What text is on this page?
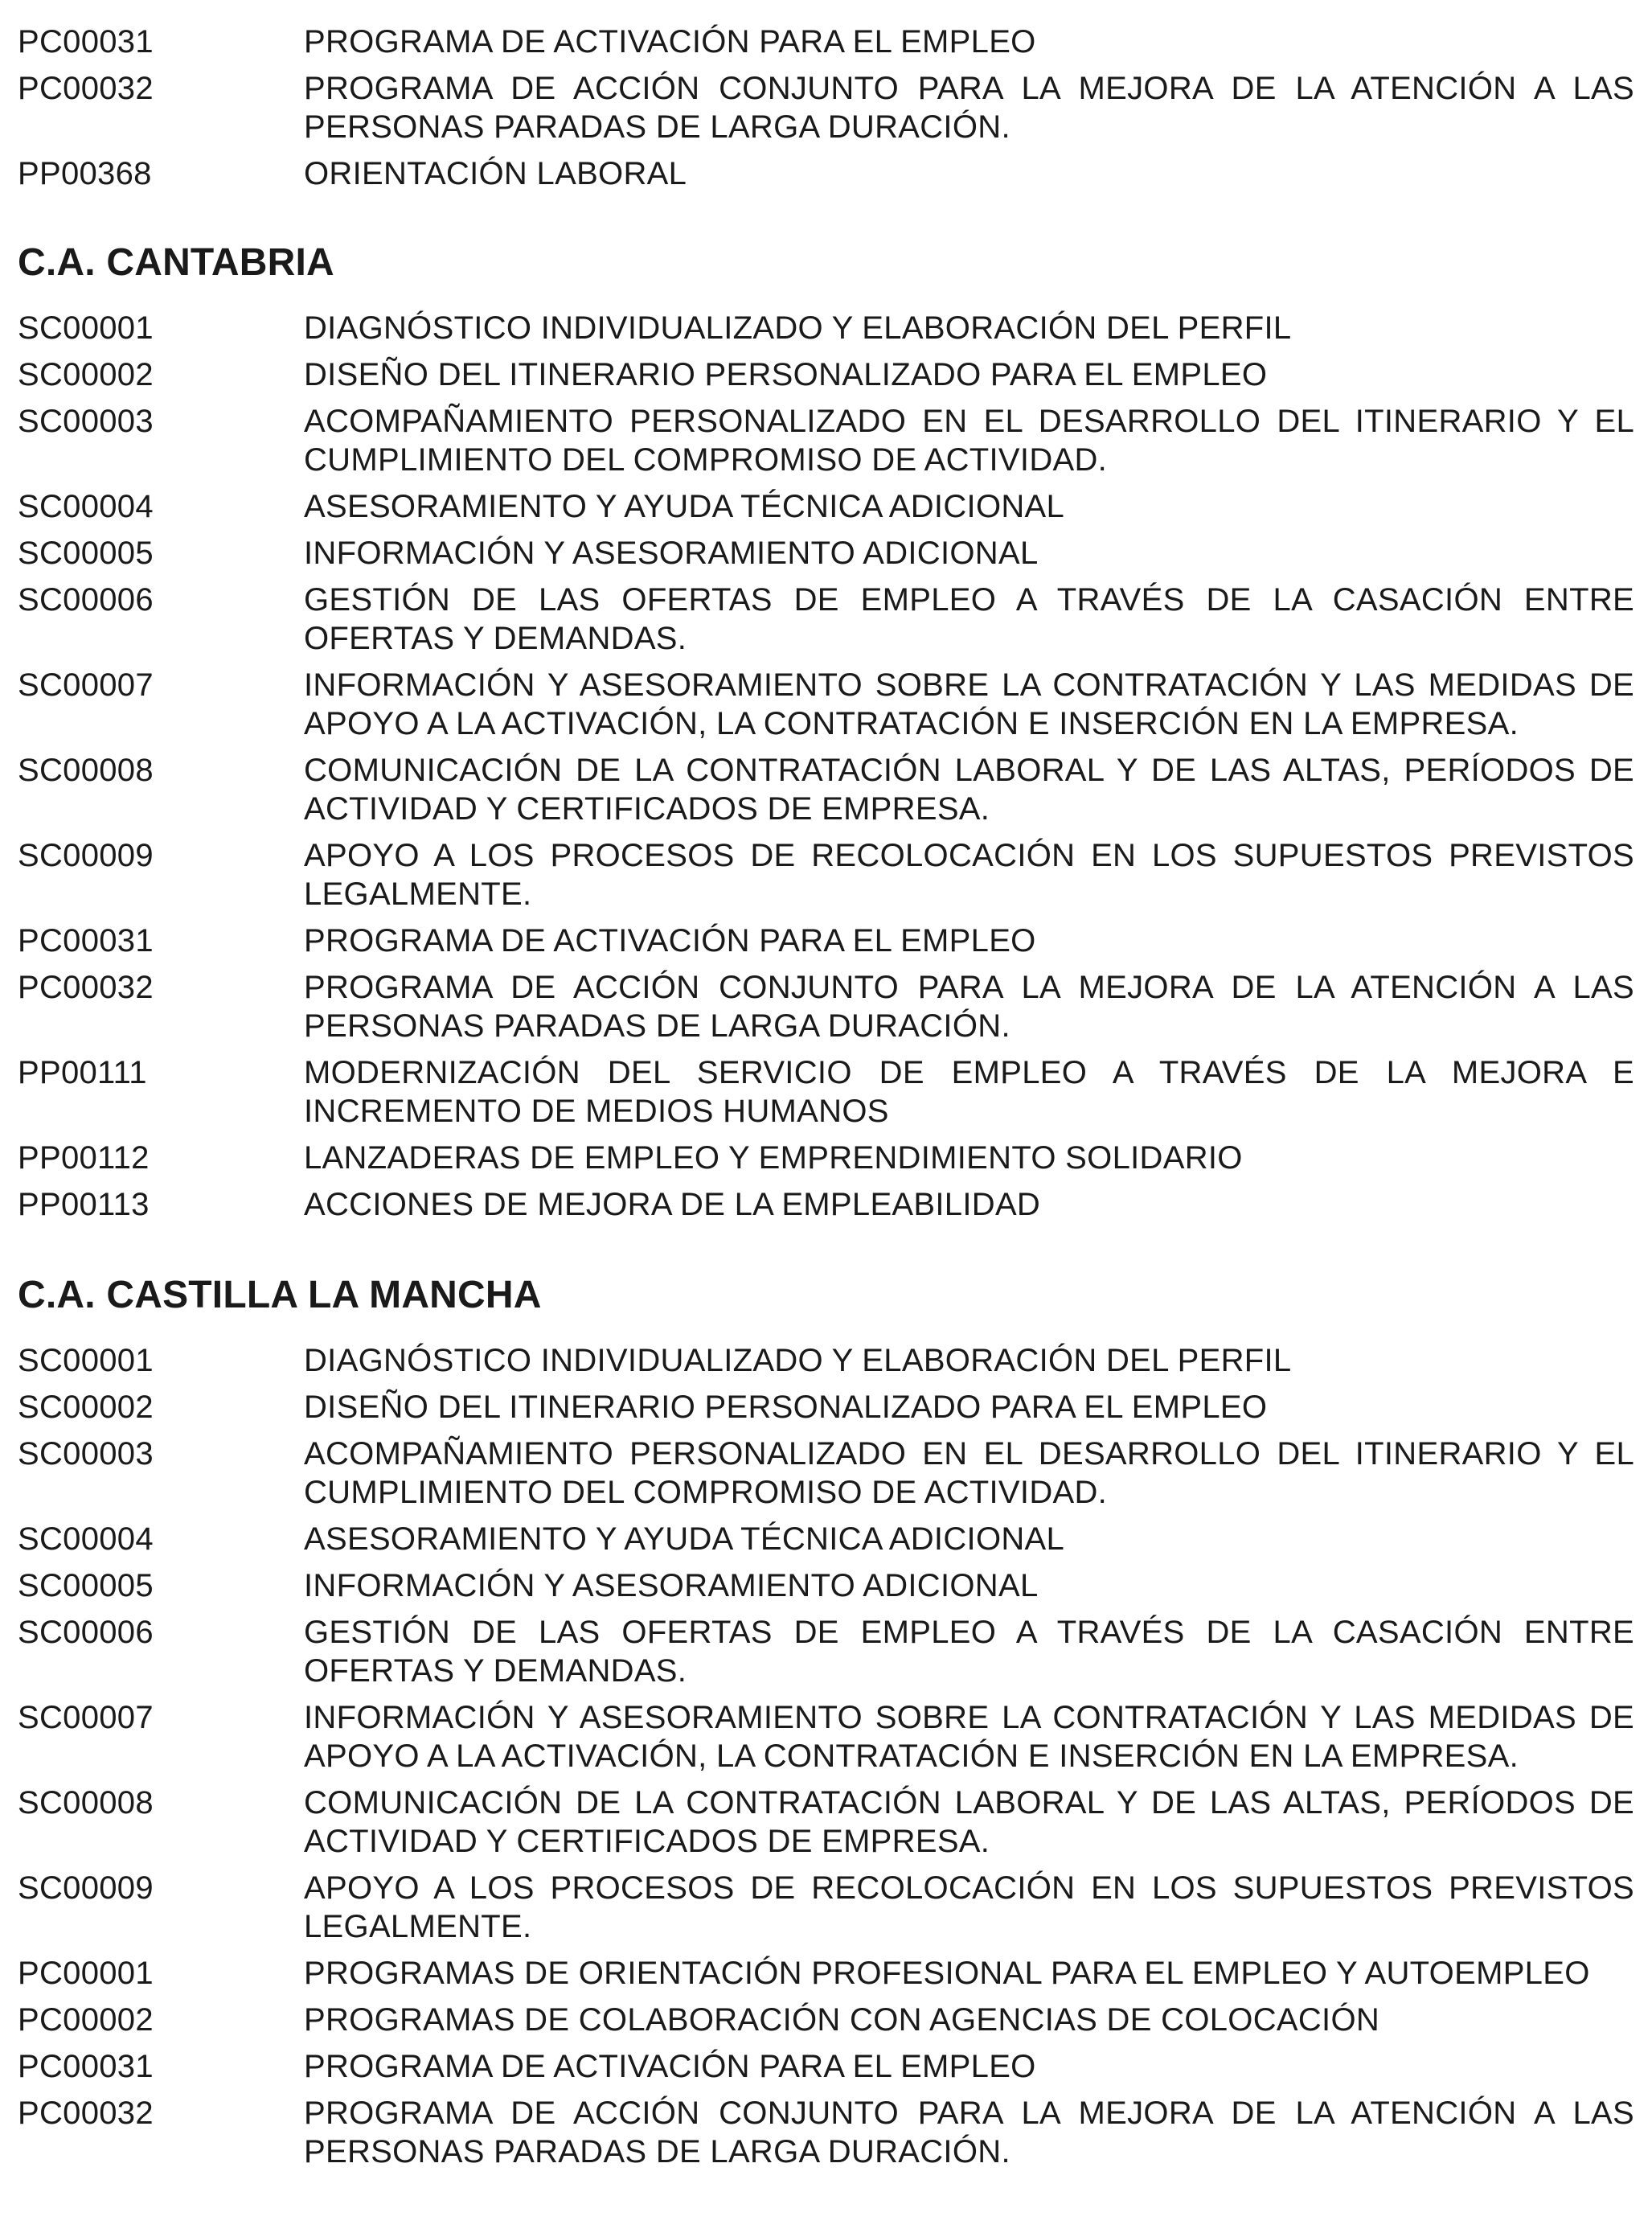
PC00031	PROGRAMA DE ACTIVACIÓN PARA EL EMPLEO
PC00032	PROGRAMA DE ACCIÓN CONJUNTO PARA LA MEJORA DE LA ATENCIÓN A LAS PERSONAS PARADAS DE LARGA DURACIÓN.
PP00368	ORIENTACIÓN LABORAL
C.A. CANTABRIA
SC00001	DIAGNÓSTICO INDIVIDUALIZADO Y ELABORACIÓN DEL PERFIL
SC00002	DISEÑO DEL ITINERARIO PERSONALIZADO PARA EL EMPLEO
SC00003	ACOMPAÑAMIENTO PERSONALIZADO EN EL DESARROLLO DEL ITINERARIO Y EL CUMPLIMIENTO DEL COMPROMISO DE ACTIVIDAD.
SC00004	ASESORAMIENTO Y AYUDA TÉCNICA ADICIONAL
SC00005	INFORMACIÓN Y ASESORAMIENTO ADICIONAL
SC00006	GESTIÓN DE LAS OFERTAS DE EMPLEO A TRAVÉS DE LA CASACIÓN ENTRE OFERTAS Y DEMANDAS.
SC00007	INFORMACIÓN Y ASESORAMIENTO SOBRE LA CONTRATACIÓN Y LAS MEDIDAS DE APOYO A LA ACTIVACIÓN, LA CONTRATACIÓN E INSERCIÓN EN LA EMPRESA.
SC00008	COMUNICACIÓN DE LA CONTRATACIÓN LABORAL Y DE LAS ALTAS, PERÍODOS DE ACTIVIDAD Y CERTIFICADOS DE EMPRESA.
SC00009	APOYO A LOS PROCESOS DE RECOLOCACIÓN EN LOS SUPUESTOS PREVISTOS LEGALMENTE.
PC00031	PROGRAMA DE ACTIVACIÓN PARA EL EMPLEO
PC00032	PROGRAMA DE ACCIÓN CONJUNTO PARA LA MEJORA DE LA ATENCIÓN A LAS PERSONAS PARADAS DE LARGA DURACIÓN.
PP00111	MODERNIZACIÓN DEL SERVICIO DE EMPLEO A TRAVÉS DE LA MEJORA E INCREMENTO DE MEDIOS HUMANOS
PP00112	LANZADERAS DE EMPLEO Y EMPRENDIMIENTO SOLIDARIO
PP00113	ACCIONES DE MEJORA DE LA EMPLEABILIDAD
C.A. CASTILLA LA MANCHA
SC00001	DIAGNÓSTICO INDIVIDUALIZADO Y ELABORACIÓN DEL PERFIL
SC00002	DISEÑO DEL ITINERARIO PERSONALIZADO PARA EL EMPLEO
SC00003	ACOMPAÑAMIENTO PERSONALIZADO EN EL DESARROLLO DEL ITINERARIO Y EL CUMPLIMIENTO DEL COMPROMISO DE ACTIVIDAD.
SC00004	ASESORAMIENTO Y AYUDA TÉCNICA ADICIONAL
SC00005	INFORMACIÓN Y ASESORAMIENTO ADICIONAL
SC00006	GESTIÓN DE LAS OFERTAS DE EMPLEO A TRAVÉS DE LA CASACIÓN ENTRE OFERTAS Y DEMANDAS.
SC00007	INFORMACIÓN Y ASESORAMIENTO SOBRE LA CONTRATACIÓN Y LAS MEDIDAS DE APOYO A LA ACTIVACIÓN, LA CONTRATACIÓN E INSERCIÓN EN LA EMPRESA.
SC00008	COMUNICACIÓN DE LA CONTRATACIÓN LABORAL Y DE LAS ALTAS, PERÍODOS DE ACTIVIDAD Y CERTIFICADOS DE EMPRESA.
SC00009	APOYO A LOS PROCESOS DE RECOLOCACIÓN EN LOS SUPUESTOS PREVISTOS LEGALMENTE.
PC00001	PROGRAMAS DE ORIENTACIÓN PROFESIONAL PARA EL EMPLEO Y AUTOEMPLEO
PC00002	PROGRAMAS DE COLABORACIÓN CON AGENCIAS DE COLOCACIÓN
PC00031	PROGRAMA DE ACTIVACIÓN PARA EL EMPLEO
PC00032	PROGRAMA DE ACCIÓN CONJUNTO PARA LA MEJORA DE LA ATENCIÓN A LAS PERSONAS PARADAS DE LARGA DURACIÓN.
